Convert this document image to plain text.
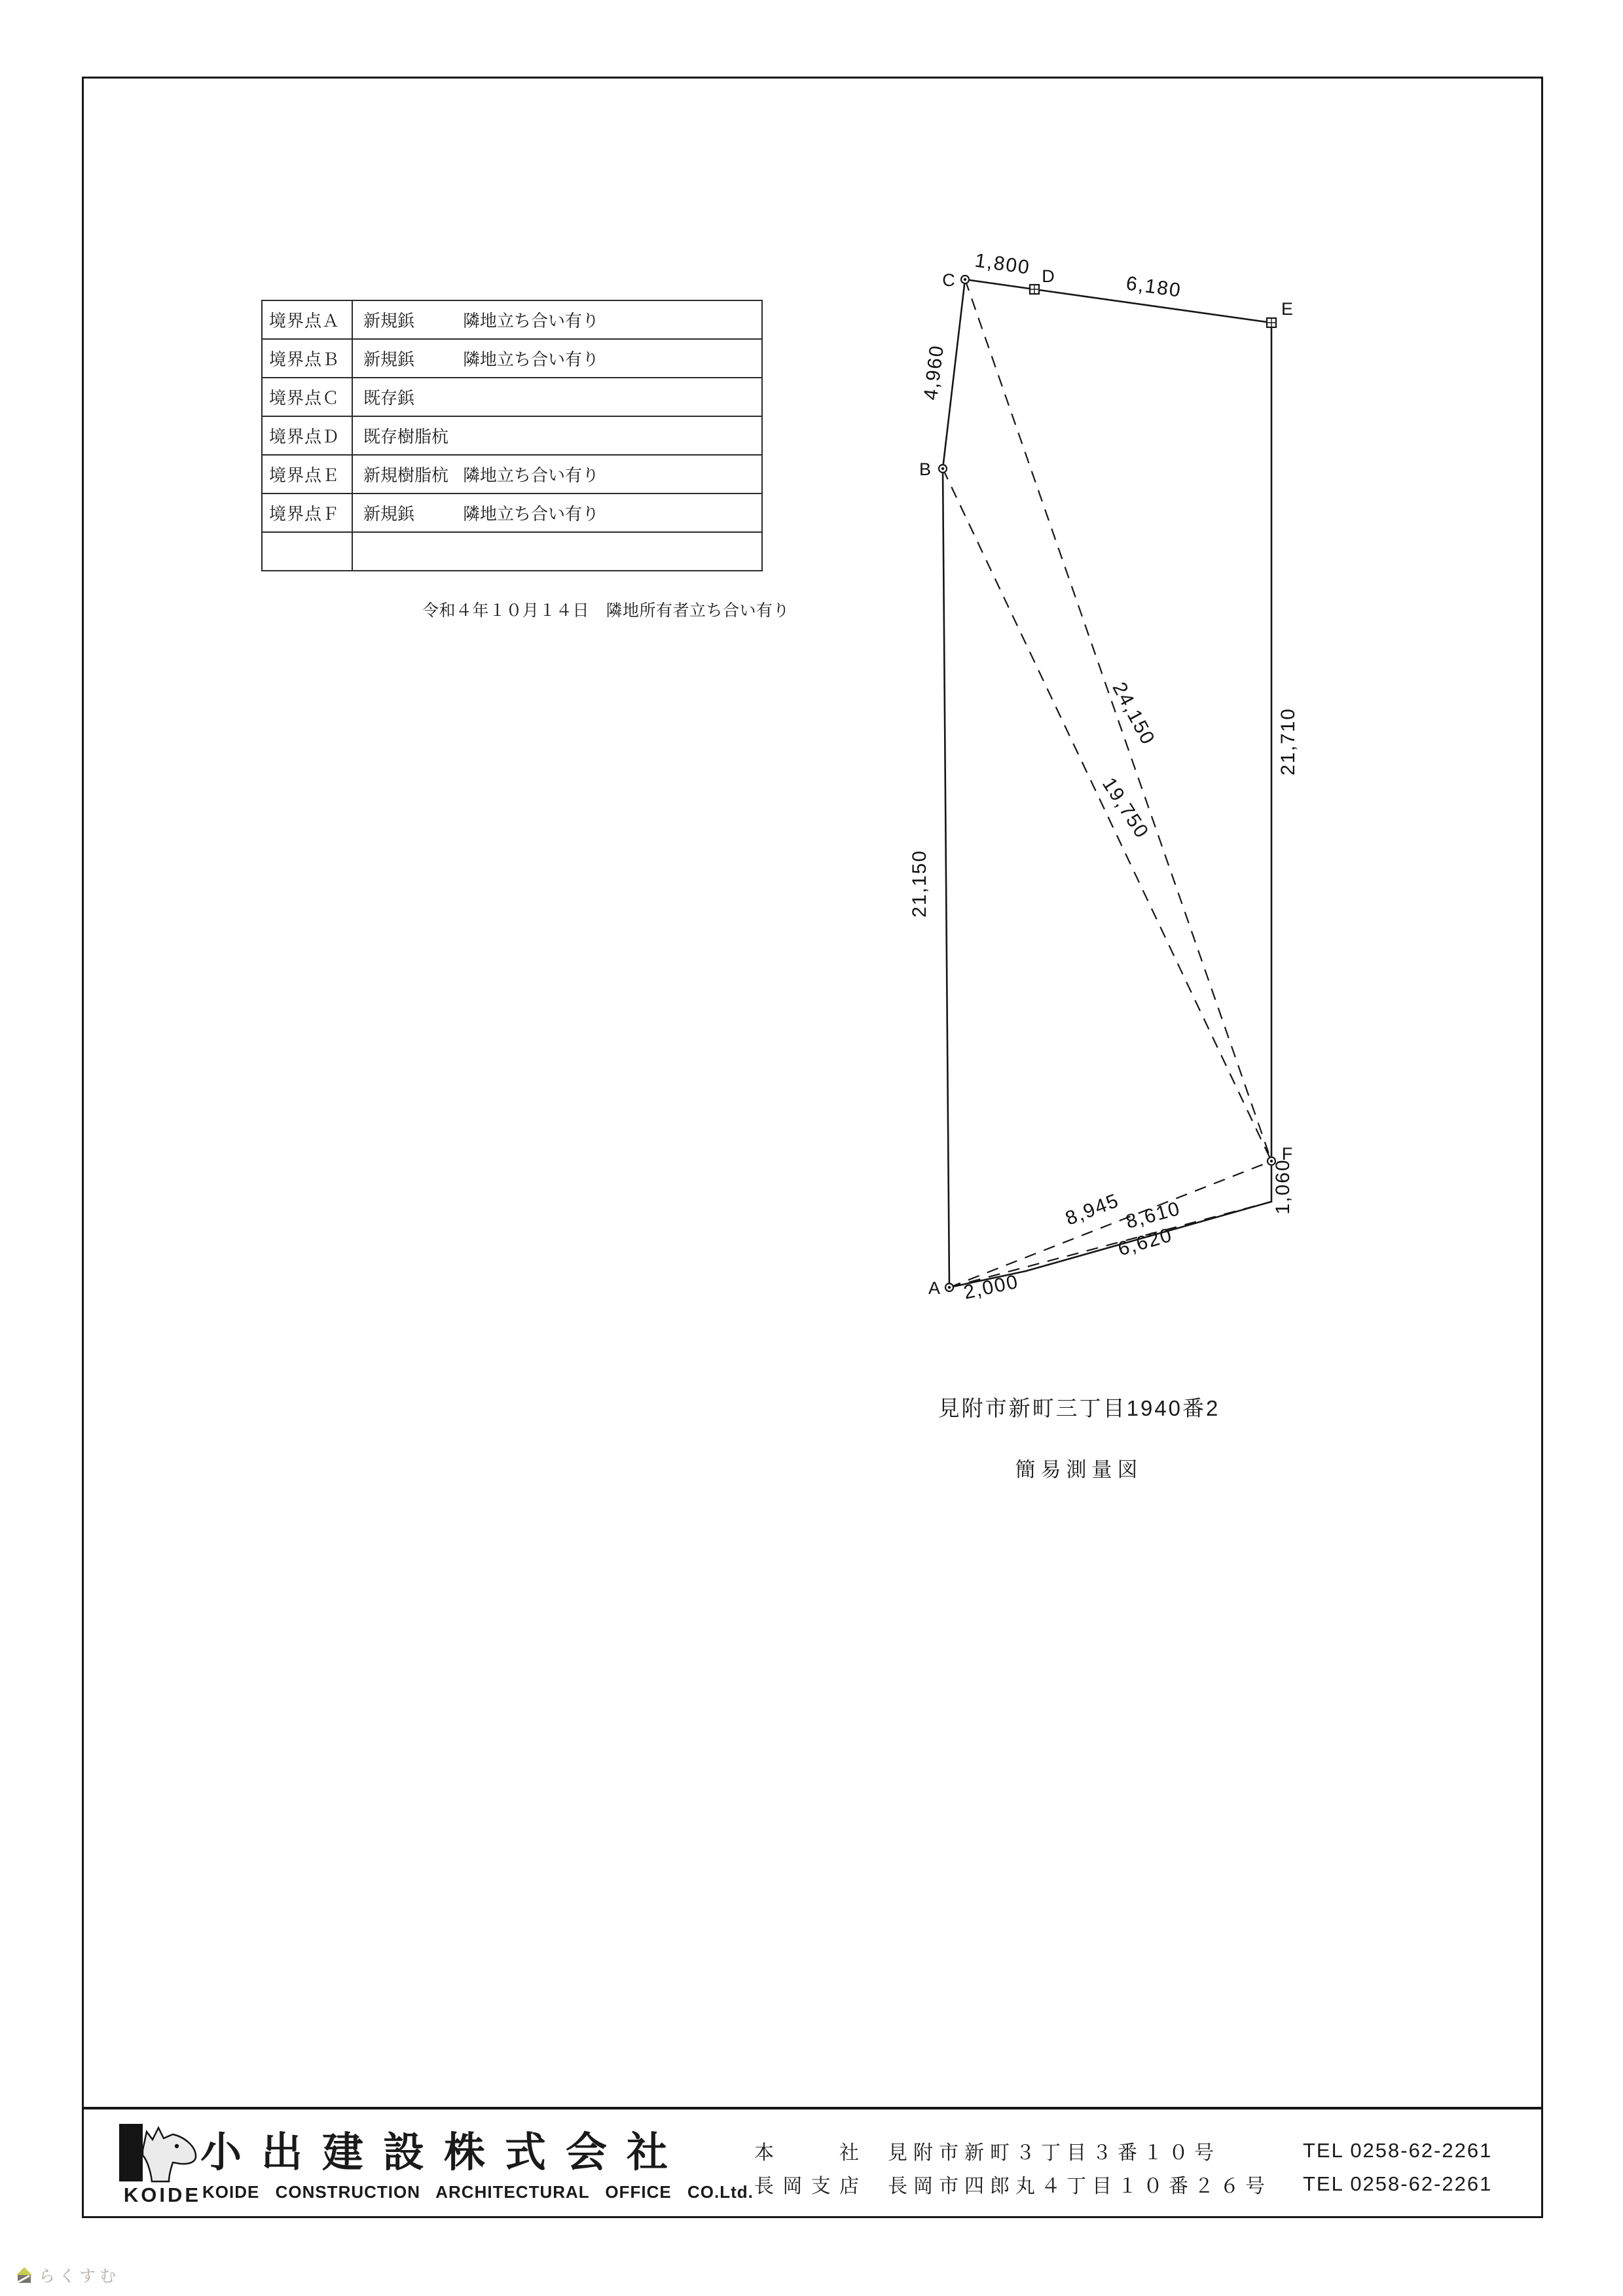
境界点Ａ	新規鋲	隣地立ち合い有り
境界点Ｂ	新規鋲	隣地立ち合い有り
境界点Ｃ	既存鋲
境界点Ｄ	既存樹脂杭
境界点Ｅ	新規樹脂杭 隣地立ち合い有り
境界点Ｆ	新規鋲	隣地立ち合い有り
令和４年１０月１４日　隣地所有者立ち合い有り
A
B
C	D
E
F
1,800
6,180
4,960
21,150
21,710
24,150
19,750
8,945 8,610
6,620
2,000
1,060
見附市新町三丁目1940番2
簡易測量図
KOIDE
小出建設株式会社
KOIDE CONSTRUCTION ARCHITECTURAL OFFICE CO.Ltd.
本社 見附市新町３丁目３番１０号	TEL 0258-62-2261
長岡支店 長岡市四郎丸４丁目１０番２６号 TEL 0258-62-2261
らくすむ
